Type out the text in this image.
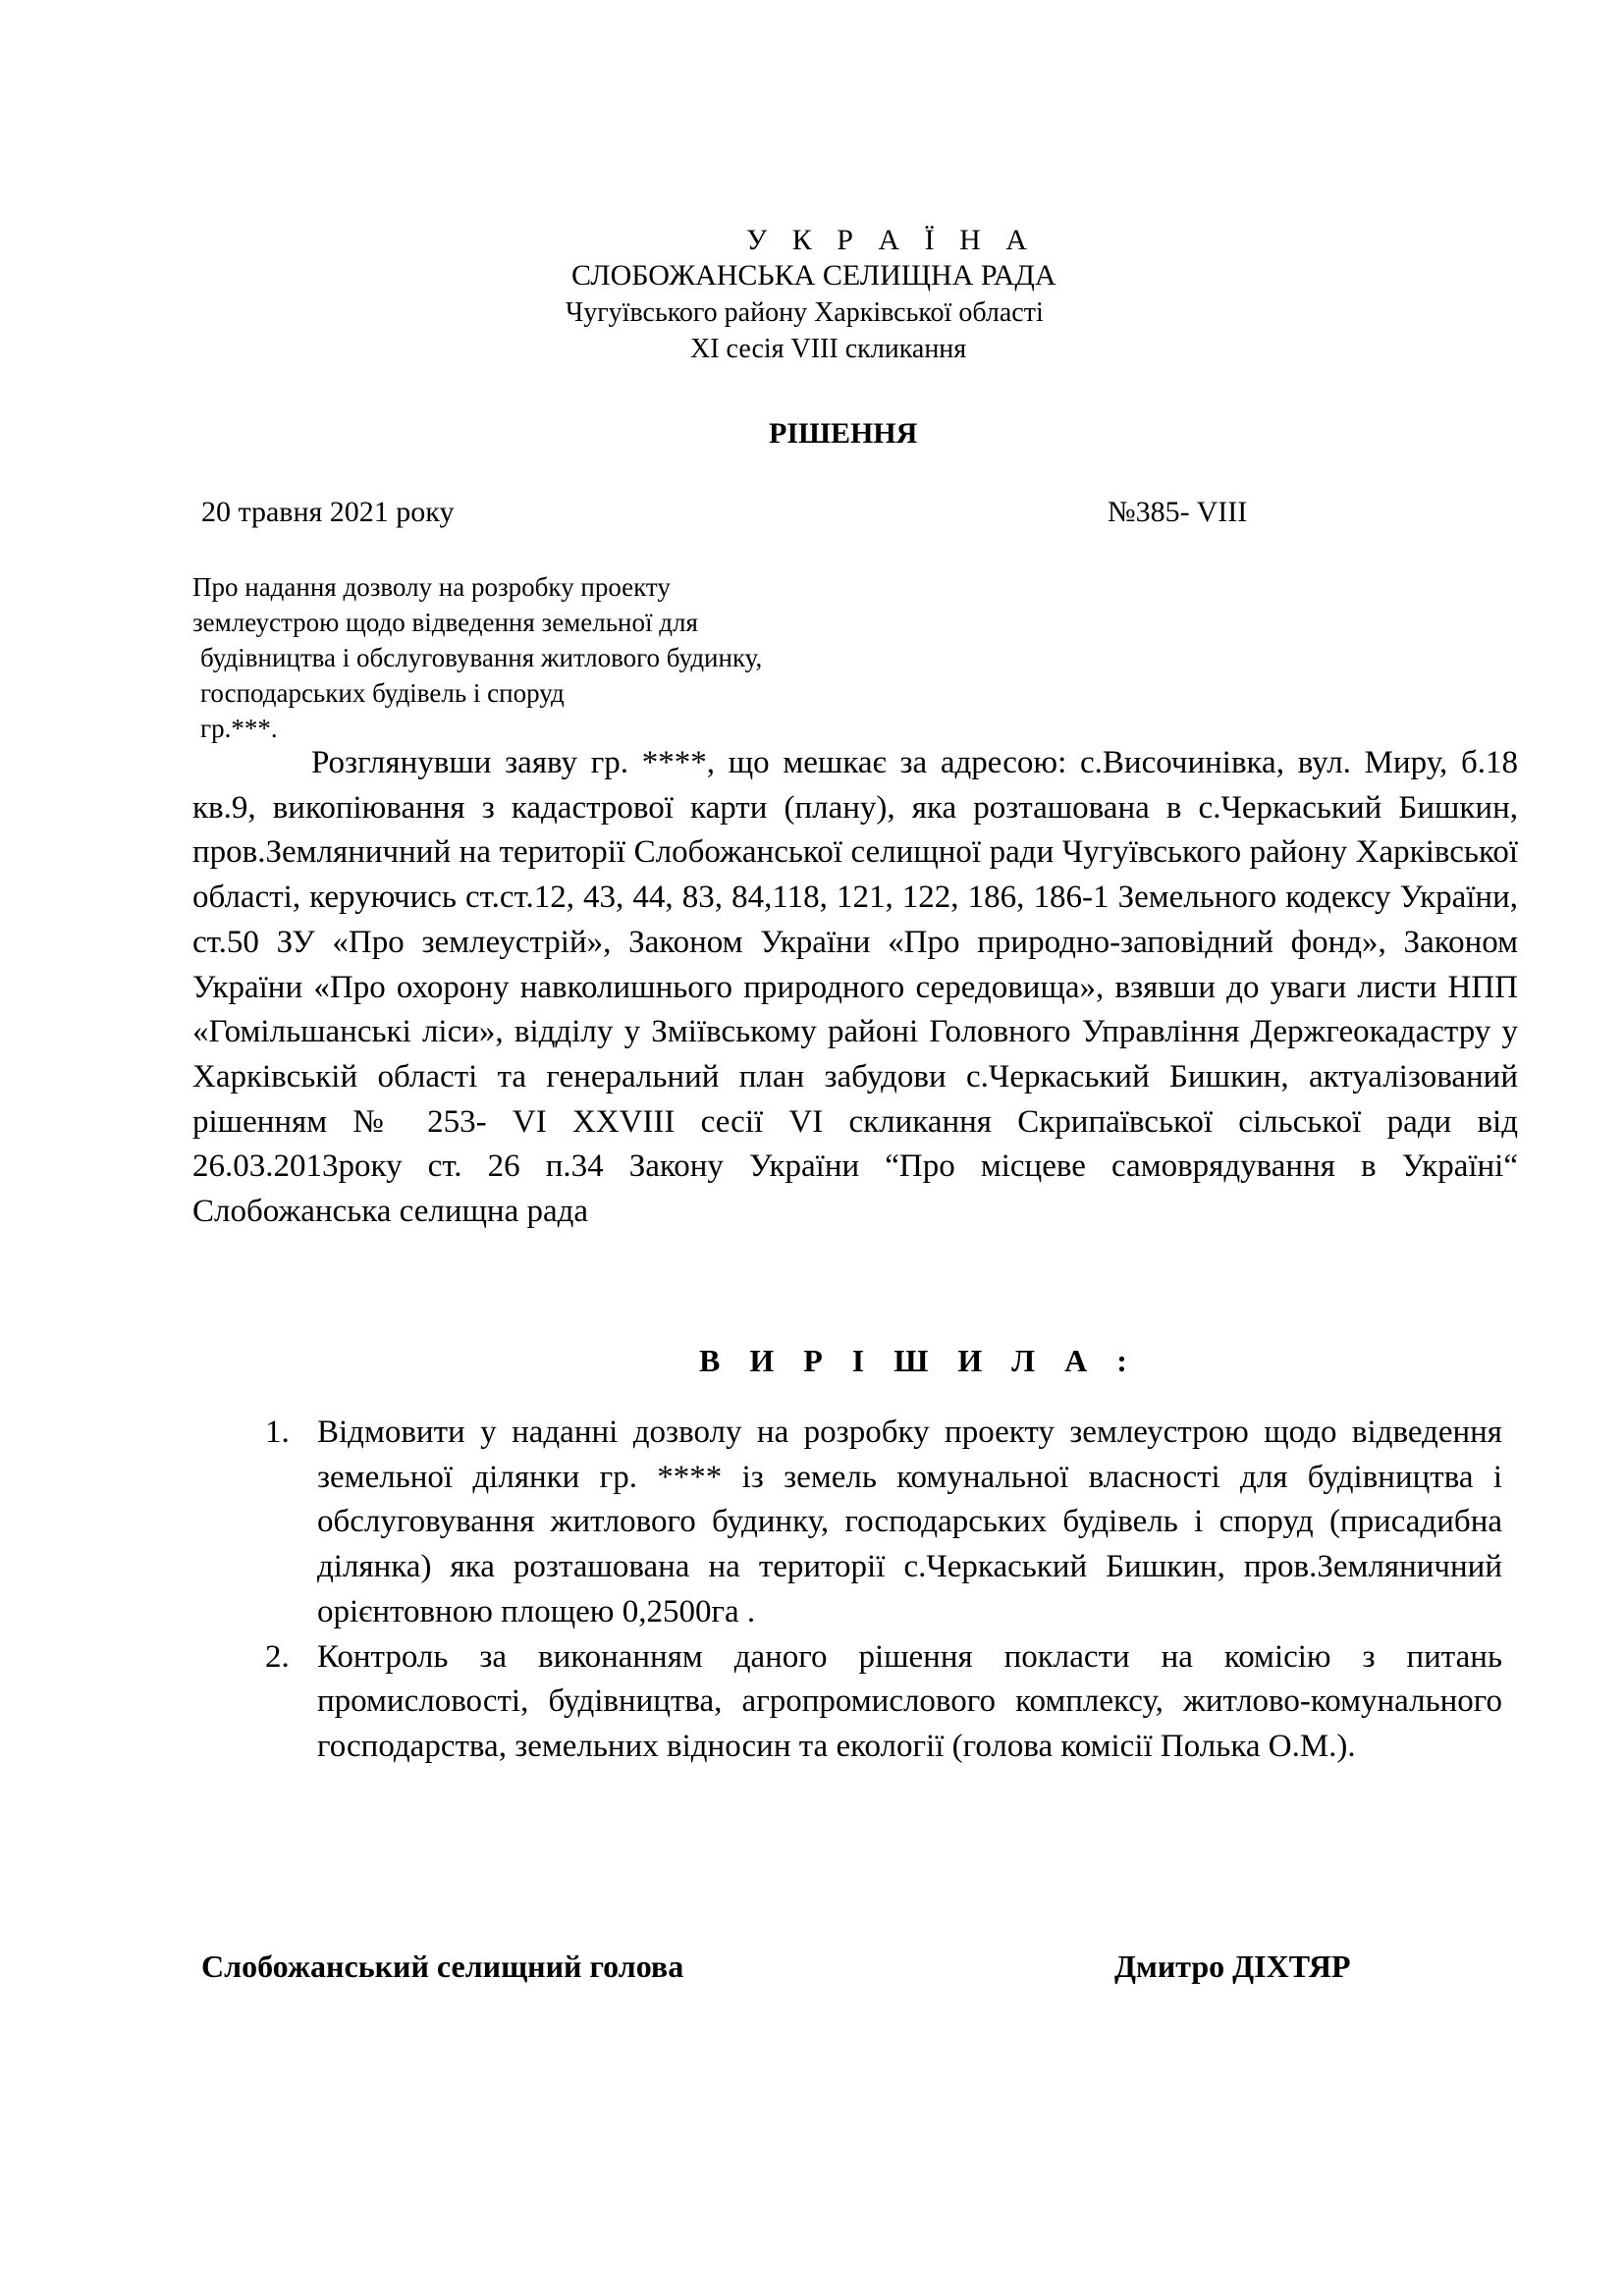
У К Р А Ї Н А
СЛОБОЖАНСЬКА СЕЛИЩНА РАДА
Чугуївського району Харківської області
ХІ сесія VIII скликання
РІШЕННЯ
20 травня 2021 року	№385- VIІІ
Про надання дозволу на розробку проекту
землеустрою щодо відведення земельної для
будівництва і обслуговування житлового будинку,
господарських будівель і споруд
гр.***.
Розглянувши заяву гр. ****, що мешкає за адресою: с.Височинівка, вул. Миру, б.18 кв.9, викопіювання з кадастрової карти (плану), яка розташована в с.Черкаський Бишкин, пров.Земляничний на території Слобожанської селищної ради Чугуївського району Харківської області, керуючись ст.ст.12, 43, 44, 83, 84,118, 121, 122, 186, 186-1 Земельного кодексу України, ст.50 ЗУ «Про землеустрій», Законом України «Про природно-заповідний фонд», Законом України «Про охорону навколишнього природного середовища», взявши до уваги листи НПП «Гомільшанські ліси», відділу у Зміївському районі Головного Управління Держгеокадастру у Харківській області та генеральний план забудови с.Черкаський Бишкин, актуалізований рішенням № 253- VI XXVIII сесії VI скликання Скрипаївської сільської ради від 26.03.2013року ст. 26 п.34 Закону України “Про місцеве самоврядування в Україні“ Слобожанська селищна рада
В И Р І Ш И Л А :
1. Відмовити у наданні дозволу на розробку проекту землеустрою щодо відведення земельної ділянки гр. **** із земель комунальної власності для будівництва і обслуговування житлового будинку, господарських будівель і споруд (присадибна ділянка) яка розташована на території с.Черкаський Бишкин, пров.Земляничний орієнтовною площею 0,2500га .
2. Контроль за виконанням даного рішення покласти на комісію з питань промисловості, будівництва, агропромислового комплексу, житлово-комунального господарства, земельних відносин та екології (голова комісії Полька О.М.).
Слобожанський селищний голова	Дмитро ДІХТЯР
